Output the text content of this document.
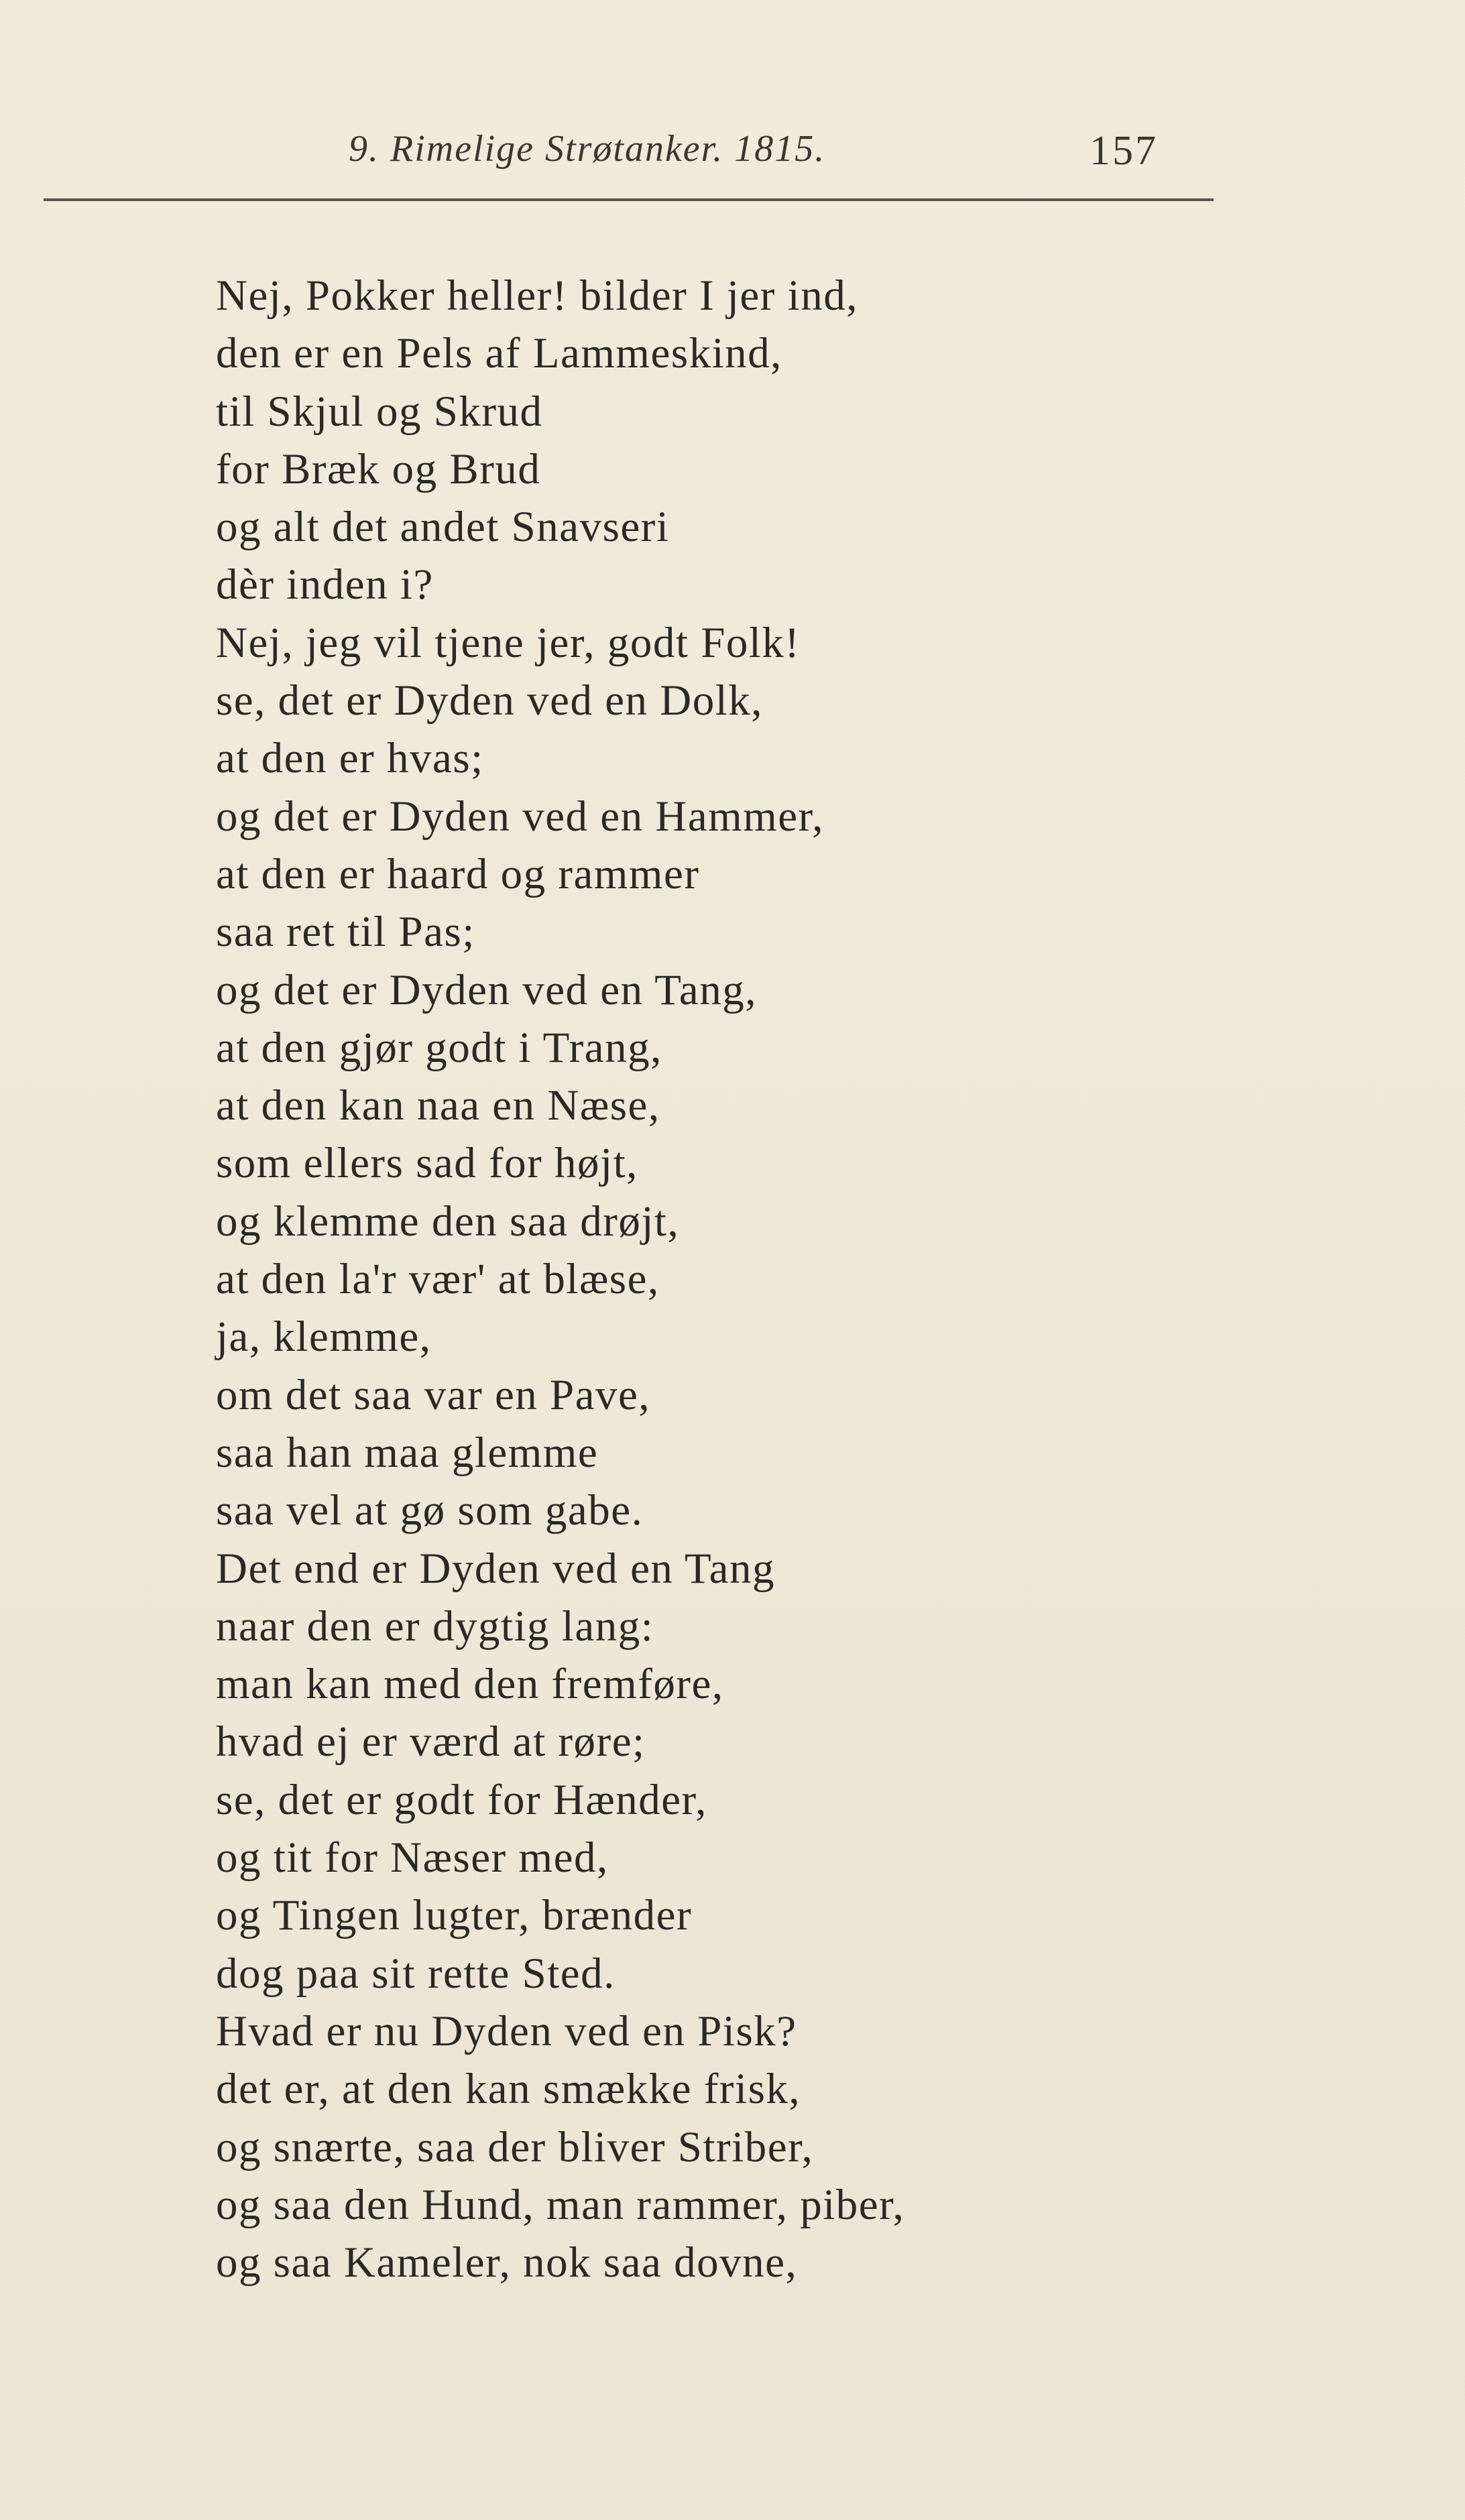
9. Rimelige Strøtanker. 1815.	157
Nej, Pokker heller! bilder I jer ind,
den er en Pels af Lammeskind,
til Skjul og Skrud
for Bræk og Brud
og alt det andet Snavseri
dèr inden i?
Nej, jeg vil tjene jer, godt Folk!
se, det er Dyden ved en Dolk,
at den er hvas;
og det er Dyden ved en Hammer,
at den er haard og rammer
saa ret til Pas;
og det er Dyden ved en Tang,
at den gjør godt i Trang,
at den kan naa en Næse,
som ellers sad for højt,
og klemme den saa drøjt,
at den la'r vær' at blæse,
ja, klemme,
om det saa var en Pave,
saa han maa glemme
saa vel at gø som gabe.
Det end er Dyden ved en Tang
naar den er dygtig lang:
man kan med den fremføre,
hvad ej er værd at røre;
se, det er godt for Hænder,
og tit for Næser med,
og Tingen lugter, brænder
dog paa sit rette Sted.
Hvad er nu Dyden ved en Pisk?
det er, at den kan smække frisk,
og snærte, saa der bliver Striber,
og saa den Hund, man rammer, piber,
og saa Kameler, nok saa dovne,
